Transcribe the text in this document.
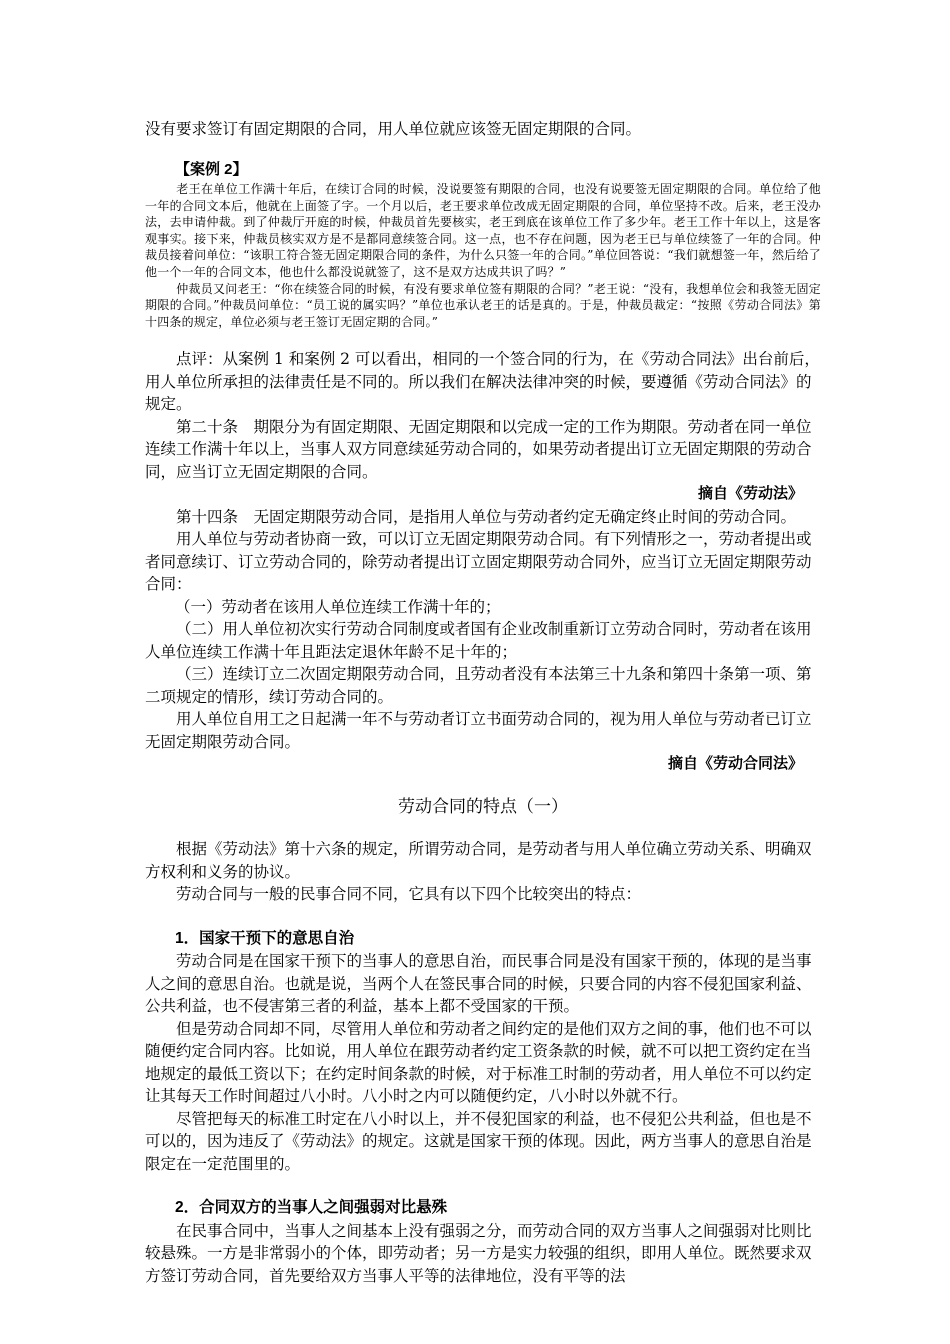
没有要求签订有固定期限的合同，用人单位就应该签无固定期限的合同。

【案例 2】

老王在单位工作满十年后，在续订合同的时候，没说要签有期限的合同，也没有说要签无固定期限的合同。单位给了他一年的合同文本后，他就在上面签了字。一个月以后，老王要求单位改成无固定期限的合同，单位坚持不改。后来，老王没办法，去申请仲裁。到了仲裁厅开庭的时候，仲裁员首先要核实，老王到底在该单位工作了多少年。老王工作十年以上，这是客观事实。接下来，仲裁员核实双方是不是都同意续签合同。这一点，也不存在问题，因为老王已与单位续签了一年的合同。仲裁员接着问单位：“该职工符合签无固定期限合同的条件，为什么只签一年的合同。”单位回答说：“我们就想签一年，然后给了他一个一年的合同文本，他也什么都没说就签了，这不是双方达成共识了吗？”

仲裁员又问老王：“你在续签合同的时候，有没有要求单位签有期限的合同？”老王说：“没有，我想单位会和我签无固定期限的合同。”仲裁员问单位：“员工说的属实吗？”单位也承认老王的话是真的。于是，仲裁员裁定：“按照《劳动合同法》第十四条的规定，单位必须与老王签订无固定期的合同。”

点评：从案例 1 和案例 2 可以看出，相同的一个签合同的行为，在《劳动合同法》出台前后，用人单位所承担的法律责任是不同的。所以我们在解决法律冲突的时候，要遵循《劳动合同法》的规定。

第二十条　期限分为有固定期限、无固定期限和以完成一定的工作为期限。劳动者在同一单位连续工作满十年以上，当事人双方同意续延劳动合同的，如果劳动者提出订立无固定期限的劳动合同，应当订立无固定期限的合同。

摘自《劳动法》

第十四条　无固定期限劳动合同，是指用人单位与劳动者约定无确定终止时间的劳动合同。

用人单位与劳动者协商一致，可以订立无固定期限劳动合同。有下列情形之一，劳动者提出或者同意续订、订立劳动合同的，除劳动者提出订立固定期限劳动合同外，应当订立无固定期限劳动合同：

（一）劳动者在该用人单位连续工作满十年的；

（二）用人单位初次实行劳动合同制度或者国有企业改制重新订立劳动合同时，劳动者在该用人单位连续工作满十年且距法定退休年龄不足十年的；

（三）连续订立二次固定期限劳动合同，且劳动者没有本法第三十九条和第四十条第一项、第二项规定的情形，续订劳动合同的。

用人单位自用工之日起满一年不与劳动者订立书面劳动合同的，视为用人单位与劳动者已订立无固定期限劳动合同。

摘自《劳动合同法》

劳动合同的特点（一）

根据《劳动法》第十六条的规定，所谓劳动合同，是劳动者与用人单位确立劳动关系、明确双方权利和义务的协议。

劳动合同与一般的民事合同不同，它具有以下四个比较突出的特点：

1．国家干预下的意思自治

劳动合同是在国家干预下的当事人的意思自治，而民事合同是没有国家干预的，体现的是当事人之间的意思自治。也就是说，当两个人在签民事合同的时候，只要合同的内容不侵犯国家利益、公共利益，也不侵害第三者的利益，基本上都不受国家的干预。

但是劳动合同却不同，尽管用人单位和劳动者之间约定的是他们双方之间的事，他们也不可以随便约定合同内容。比如说，用人单位在跟劳动者约定工资条款的时候，就不可以把工资约定在当地规定的最低工资以下；在约定时间条款的时候，对于标准工时制的劳动者，用人单位不可以约定让其每天工作时间超过八小时。八小时之内可以随便约定，八小时以外就不行。

尽管把每天的标准工时定在八小时以上，并不侵犯国家的利益，也不侵犯公共利益，但也是不可以的，因为违反了《劳动法》的规定。这就是国家干预的体现。因此，两方当事人的意思自治是限定在一定范围里的。

2．合同双方的当事人之间强弱对比悬殊

在民事合同中，当事人之间基本上没有强弱之分，而劳动合同的双方当事人之间强弱对比则比较悬殊。一方是非常弱小的个体，即劳动者；另一方是实力较强的组织，即用人单位。既然要求双方签订劳动合同，首先要给双方当事人平等的法律地位，没有平等的法
